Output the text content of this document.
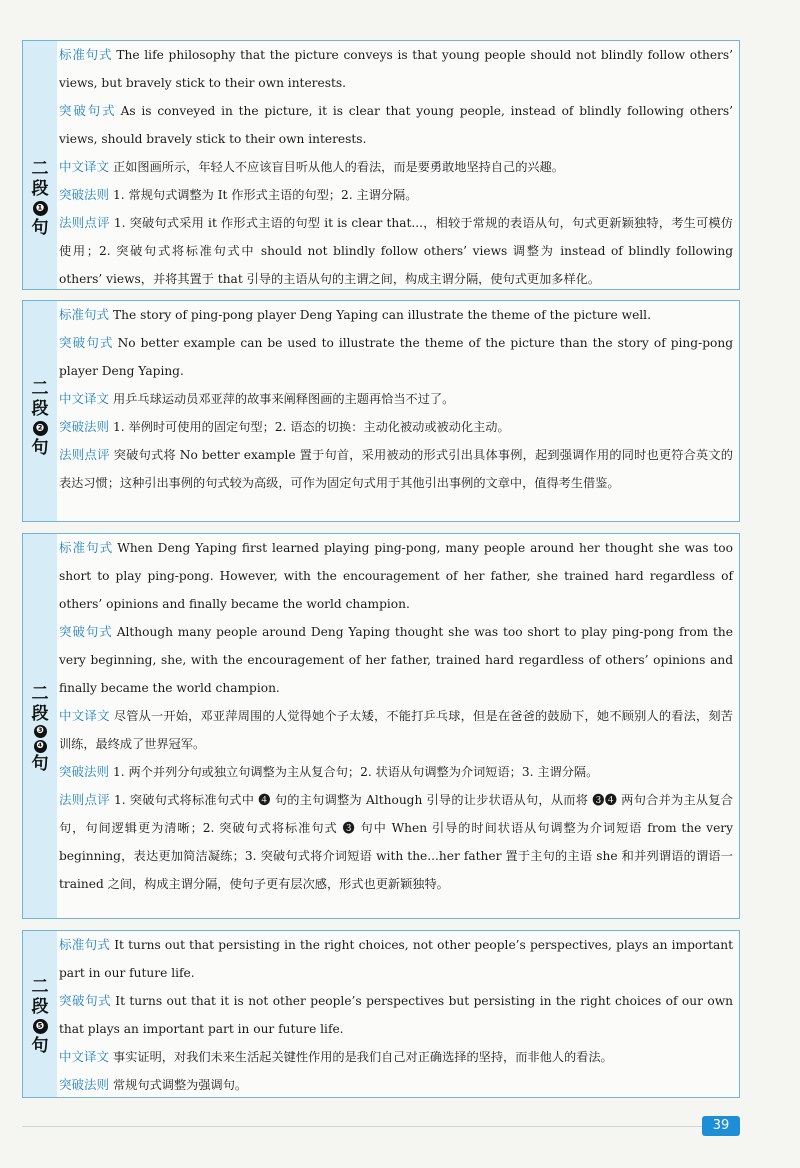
二
段
❶
句

标准句式 The life philosophy that the picture conveys is that young people should not blindly follow others’ views, but bravely stick to their own interests.

突破句式 As is conveyed in the picture, it is clear that young people, instead of blindly following others’ views, should bravely stick to their own interests.

中文译文 正如图画所示，年轻人不应该盲目听从他人的看法，而是要勇敢地坚持自己的兴趣。

突破法则 1. 常规句式调整为 It 作形式主语的句型；2. 主谓分隔。

法则点评 1. 突破句式采用 it 作形式主语的句型 it is clear that...，相较于常规的表语从句，句式更新颖独特，考生可模仿使用；2. 突破句式将标准句式中 should not blindly follow others’ views 调整为 instead of blindly following others’ views，并将其置于 that 引导的主语从句的主谓之间，构成主谓分隔，使句式更加多样化。

二
段
❷
句

标准句式 The story of ping-pong player Deng Yaping can illustrate the theme of the picture well.

突破句式 No better example can be used to illustrate the theme of the picture than the story of ping-pong player Deng Yaping.

中文译文 用乒乓球运动员邓亚萍的故事来阐释图画的主题再恰当不过了。

突破法则 1. 举例时可使用的固定句型；2. 语态的切换：主动化被动或被动化主动。

法则点评 突破句式将 No better example 置于句首，采用被动的形式引出具体事例，起到强调作用的同时也更符合英文的表达习惯；这种引出事例的句式较为高级，可作为固定句式用于其他引出事例的文章中，值得考生借鉴。

二
段
❸
❹
句

标准句式 When Deng Yaping first learned playing ping-pong, many people around her thought she was too short to play ping-pong. However, with the encouragement of her father, she trained hard regardless of others’ opinions and finally became the world champion.

突破句式 Although many people around Deng Yaping thought she was too short to play ping-pong from the very beginning, she, with the encouragement of her father, trained hard regardless of others’ opinions and finally became the world champion.

中文译文 尽管从一开始，邓亚萍周围的人觉得她个子太矮，不能打乒乓球，但是在爸爸的鼓励下，她不顾别人的看法，刻苦训练，最终成了世界冠军。

突破法则 1. 两个并列分句或独立句调整为主从复合句；2. 状语从句调整为介词短语；3. 主谓分隔。

法则点评 1. 突破句式将标准句式中 ❹ 句的主句调整为 Although 引导的让步状语从句，从而将 ❸❹ 两句合并为主从复合句，句间逻辑更为清晰；2. 突破句式将标准句式 ❸ 句中 When 引导的时间状语从句调整为介词短语 from the very beginning，表达更加简洁凝练；3. 突破句式将介词短语 with the...her father 置于主句的主语 she 和并列谓语的谓语一 trained 之间，构成主谓分隔，使句子更有层次感，形式也更新颖独特。

二
段
❺
句

标准句式 It turns out that persisting in the right choices, not other people’s perspectives, plays an important part in our future life.

突破句式 It turns out that it is not other people’s perspectives but persisting in the right choices of our own that plays an important part in our future life.

中文译文 事实证明，对我们未来生活起关键性作用的是我们自己对正确选择的坚持，而非他人的看法。

突破法则 常规句式调整为强调句。

39
